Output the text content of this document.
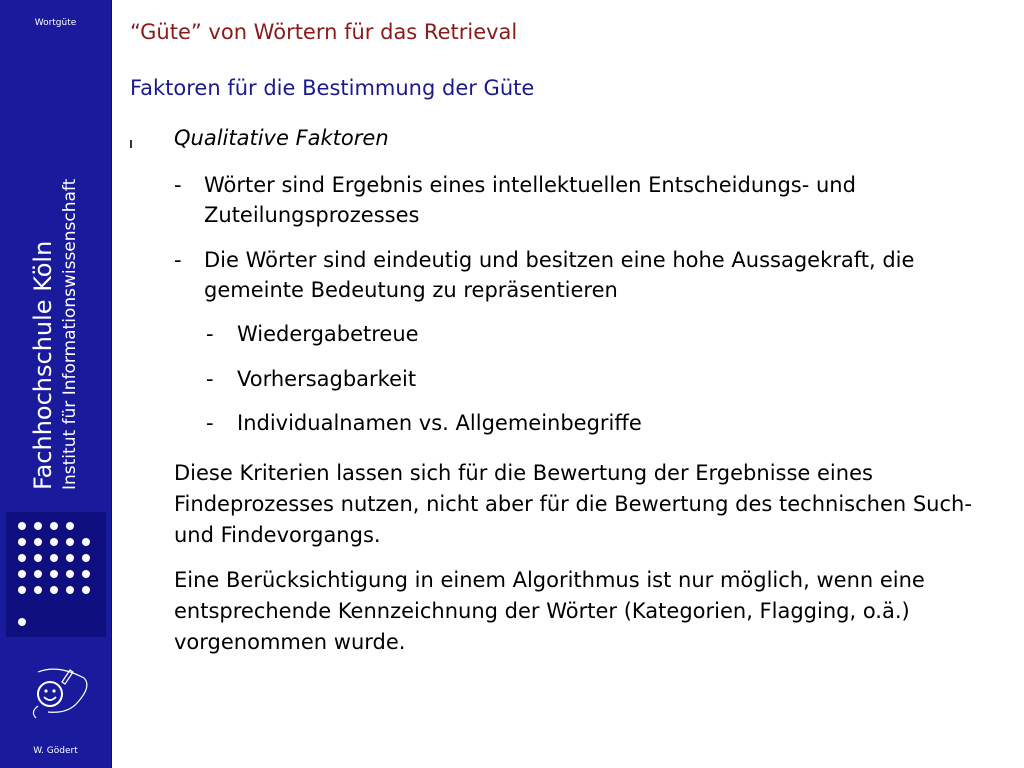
Wortgüte
Fachhochschule Köln Institut für Informationswissenschaft
W. Gödert
“Güte” von Wörtern für das Retrieval
Faktoren für die Bestimmung der Güte
Qualitative Faktoren
-	Wörter sind Ergebnis eines intellektuellen Entscheidungs- und Zuteilungsprozesses
-	Die Wörter sind eindeutig und besitzen eine hohe Aussagekraft, die gemeinte Bedeutung zu repräsentieren
-	Wiedergabetreue
-	Vorhersagbarkeit
-	Individualnamen vs. Allgemeinbegriffe
Diese Kriterien lassen sich für die Bewertung der Ergebnisse eines Findeprozesses nutzen, nicht aber für die Bewertung des technischen Such- und Findevorgangs.
Eine Berücksichtigung in einem Algorithmus ist nur möglich, wenn eine entsprechende Kennzeichnung der Wörter (Kategorien, Flagging, o.ä.) vorgenommen wurde.
